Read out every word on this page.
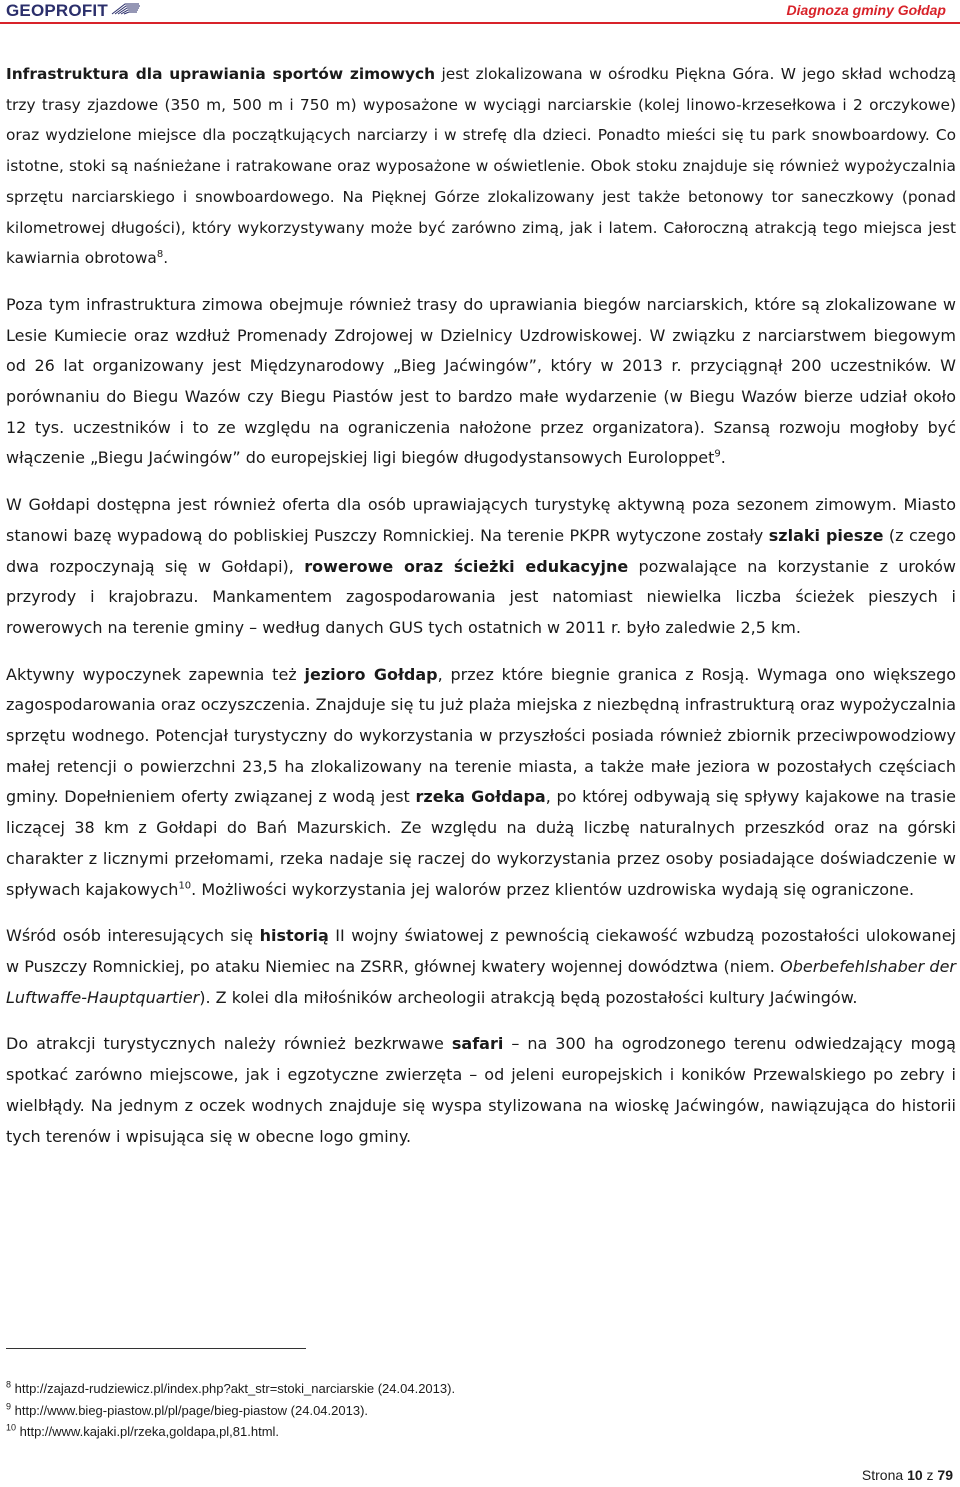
GEOPROFIT	Diagnoza gminy Gołdap

Infrastruktura dla uprawiania sportów zimowych jest zlokalizowana w ośrodku Piękna Góra. W jego skład wchodzą trzy trasy zjazdowe (350 m, 500 m i 750 m) wyposażone w wyciągi narciarskie (kolej linowo-krzesełkowa i 2 orczykowe) oraz wydzielone miejsce dla początkujących narciarzy i w strefę dla dzieci. Ponadto mieści się tu park snowboardowy. Co istotne, stoki są naśnieżane i ratrakowane oraz wyposażone w oświetlenie. Obok stoku znajduje się również wypożyczalnia sprzętu narciarskiego i snowboardowego. Na Pięknej Górze zlokalizowany jest także betonowy tor saneczkowy (ponad kilometrowej długości), który wykorzystywany może być zarówno zimą, jak i latem. Całoroczną atrakcją tego miejsca jest kawiarnia obrotowa$^8$.

Poza tym infrastruktura zimowa obejmuje również trasy do uprawiania biegów narciarskich, które są zlokalizowane w Lesie Kumiecie oraz wzdłuż Promenady Zdrojowej w Dzielnicy Uzdrowiskowej. W związku z narciarstwem biegowym od 26 lat organizowany jest Międzynarodowy „Bieg Jaćwingów”, który w 2013 r. przyciągnął 200 uczestników. W porównaniu do Biegu Wazów czy Biegu Piastów jest to bardzo małe wydarzenie (w Biegu Wazów bierze udział około 12 tys. uczestników i to ze względu na ograniczenia nałożone przez organizatora). Szansą rozwoju mogłoby być włączenie „Biegu Jaćwingów” do europejskiej ligi biegów długodystansowych Euroloppet$^9$.

W Gołdapi dostępna jest również oferta dla osób uprawiających turystykę aktywną poza sezonem zimowym. Miasto stanowi bazę wypadową do pobliskiej Puszczy Romnickiej. Na terenie PKPR wytyczone zostały szlaki piesze (z czego dwa rozpoczynają się w Gołdapi), rowerowe oraz ścieżki edukacyjne pozwalające na korzystanie z uroków przyrody i krajobrazu. Mankamentem zagospodarowania jest natomiast niewielka liczba ścieżek pieszych i rowerowych na terenie gminy – według danych GUS tych ostatnich w 2011 r. było zaledwie 2,5 km.

Aktywny wypoczynek zapewnia też jezioro Gołdap, przez które biegnie granica z Rosją. Wymaga ono większego zagospodarowania oraz oczyszczenia. Znajduje się tu już plaża miejska z niezbędną infrastrukturą oraz wypożyczalnia sprzętu wodnego. Potencjał turystyczny do wykorzystania w przyszłości posiada również zbiornik przeciwpowodziowy małej retencji o powierzchni 23,5 ha zlokalizowany na terenie miasta, a także małe jeziora w pozostałych częściach gminy. Dopełnieniem oferty związanej z wodą jest rzeka Gołdapa, po której odbywają się spływy kajakowe na trasie liczącej 38 km z Gołdapi do Bań Mazurskich. Ze względu na dużą liczbę naturalnych przeszkód oraz na górski charakter z licznymi przełomami, rzeka nadaje się raczej do wykorzystania przez osoby posiadające doświadczenie w spływach kajakowych$^{10}$. Możliwości wykorzystania jej walorów przez klientów uzdrowiska wydają się ograniczone.

Wśród osób interesujących się historią II wojny światowej z pewnością ciekawość wzbudzą pozostałości ulokowanej w Puszczy Romnickiej, po ataku Niemiec na ZSRR, głównej kwatery wojennej dowództwa (niem. Oberbefehlshaber der Luftwaffe-Hauptquartier). Z kolei dla miłośników archeologii atrakcją będą pozostałości kultury Jaćwingów.

Do atrakcji turystycznych należy również bezkrwawe safari – na 300 ha ogrodzonego terenu odwiedzający mogą spotkać zarówno miejscowe, jak i egzotyczne zwierzęta – od jeleni europejskich i koników Przewalskiego po zebry i wielbłądy. Na jednym z oczek wodnych znajduje się wyspa stylizowana na wioskę Jaćwingów, nawiązująca do historii tych terenów i wpisująca się w obecne logo gminy.

$^8$ http://zajazd-rudziewicz.pl/index.php?akt_str=stoki_narciarskie (24.04.2013).
$^9$ http://www.bieg-piastow.pl/pl/page/bieg-piastow (24.04.2013).
$^{10}$ http://www.kajaki.pl/rzeka,goldapa,pl,81.html.
Strona 10 z 79
